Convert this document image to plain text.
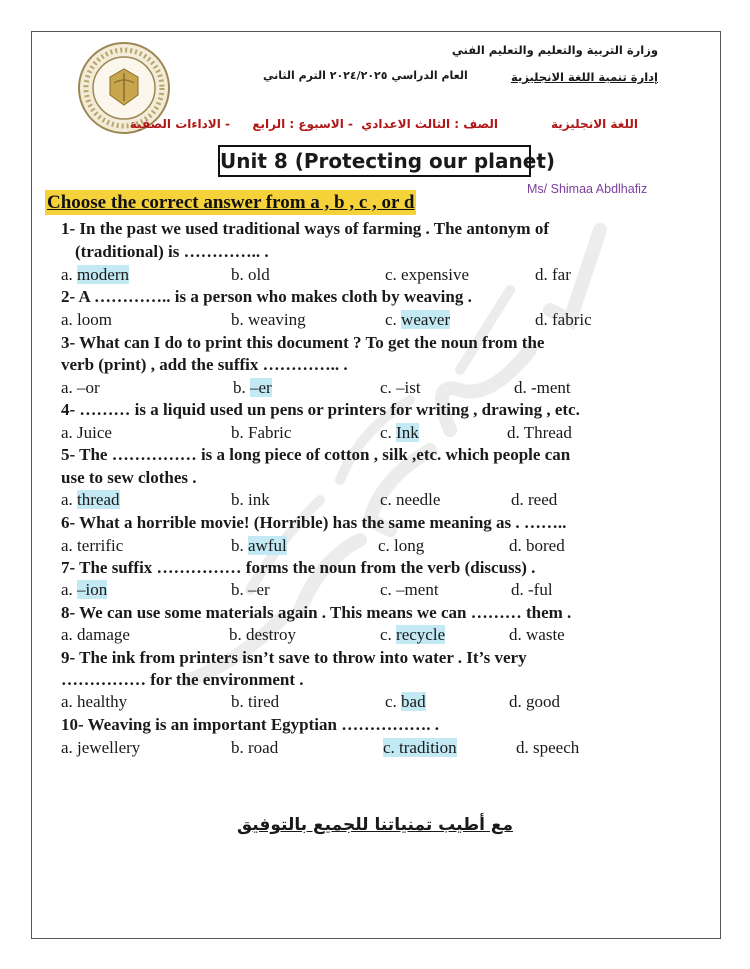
وزارة التربية والتعليم والتعليم الفني
إدارة تنمية اللغة الانجليزية
العام الدراسي ٢٠٢٤/٢٠٢٥ الترم الثاني
اللغة الانجليزية
الصف : الثالث الاعدادي
- الاسبوع : الرابع
- الاداءات الصفية
Unit 8 (Protecting our planet)
Ms/ Shimaa Abdlhafiz
Choose the correct answer from a , b , c , or d
1- In the past we used traditional ways of farming . The antonym of
(traditional) is ………….. .
a. modern	b. old	c. expensive	d. far
2- A ………….. is a person who makes cloth by weaving .
a. loom	b. weaving	c. weaver	d. fabric
3- What can I do to print this document ? To get the noun from the
verb (print) , add the suffix ………….. .
a. –or	b. –er	c. –ist	d. -ment
4- ……… is a liquid used un pens or printers for writing , drawing , etc.
a. Juice	b. Fabric	c. Ink	d. Thread
5- The …………… is a long piece of cotton , silk ,etc. which people can
use to sew clothes .
a. thread	b. ink	c. needle	d. reed
6- What a horrible movie! (Horrible) has the same meaning as . ……..
a. terrific	b. awful	c. long	d. bored
7- The suffix …………… forms the noun from the verb (discuss) .
a. –ion	b. –er	c. –ment	d. -ful
8- We can use some materials again . This means we can ……… them .
a. damage	b. destroy	c. recycle	d. waste
9- The ink from printers isn’t save to throw into water . It’s very
…………… for the environment .
a. healthy	b. tired	c. bad	d. good
10- Weaving is an important Egyptian ……………. .
a. jewellery	b. road	c. tradition	d. speech
مع أطيب تمنياتنا للجميع بالتوفيق
